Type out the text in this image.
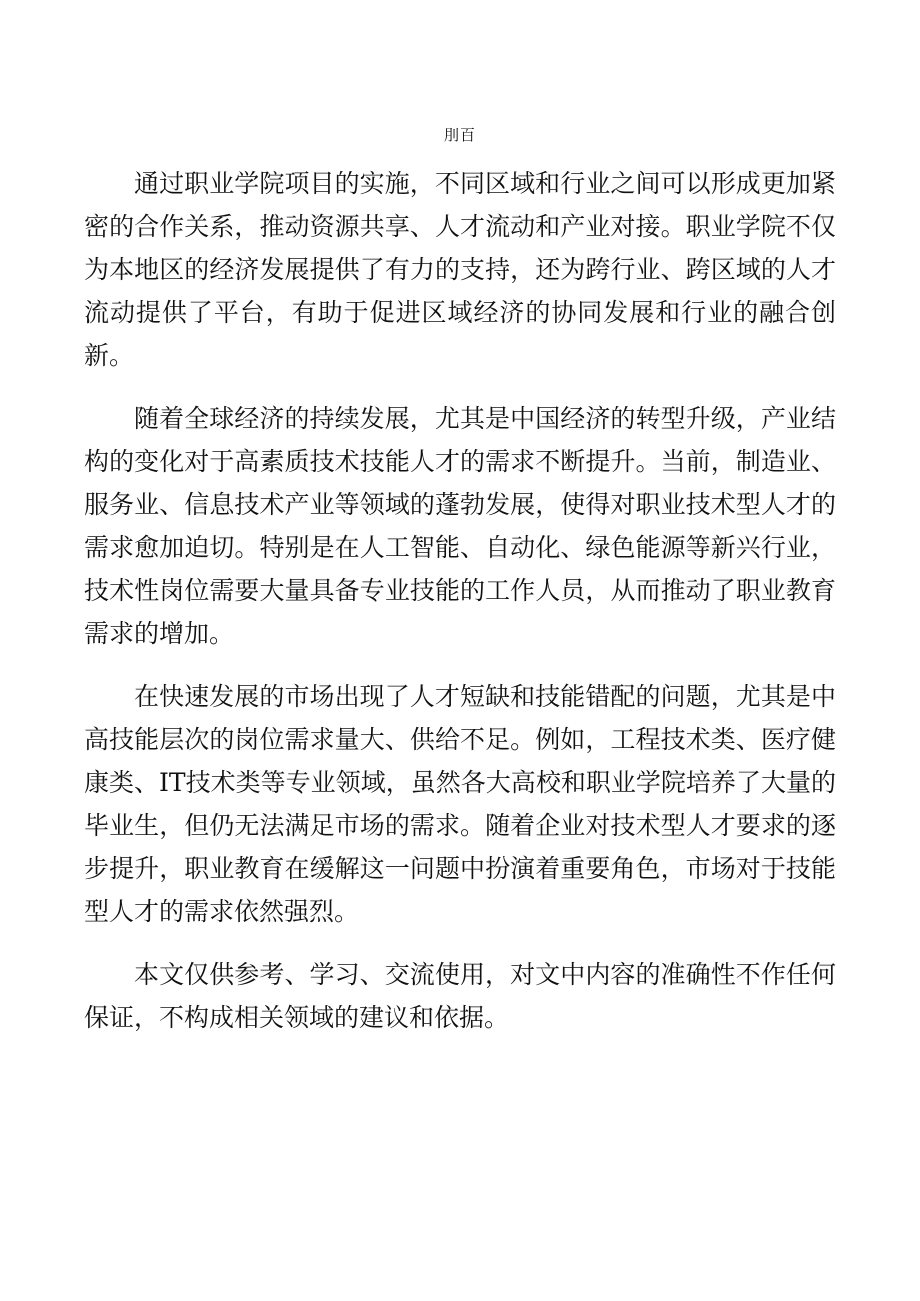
刖百

通过职业学院项目的实施，不同区域和行业之间可以形成更加紧密的合作关系，推动资源共享、人才流动和产业对接。职业学院不仅为本地区的经济发展提供了有力的支持，还为跨行业、跨区域的人才流动提供了平台，有助于促进区域经济的协同发展和行业的融合创新。

随着全球经济的持续发展，尤其是中国经济的转型升级，产业结构的变化对于高素质技术技能人才的需求不断提升。当前，制造业、服务业、信息技术产业等领域的蓬勃发展，使得对职业技术型人才的需求愈加迫切。特别是在人工智能、自动化、绿色能源等新兴行业，技术性岗位需要大量具备专业技能的工作人员，从而推动了职业教育需求的增加。

在快速发展的市场出现了人才短缺和技能错配的问题，尤其是中高技能层次的岗位需求量大、供给不足。例如，工程技术类、医疗健康类、IT技术类等专业领域，虽然各大高校和职业学院培养了大量的毕业生，但仍无法满足市场的需求。随着企业对技术型人才要求的逐步提升，职业教育在缓解这一问题中扮演着重要角色，市场对于技能型人才的需求依然强烈。

本文仅供参考、学习、交流使用，对文中内容的准确性不作任何保证，不构成相关领域的建议和依据。
